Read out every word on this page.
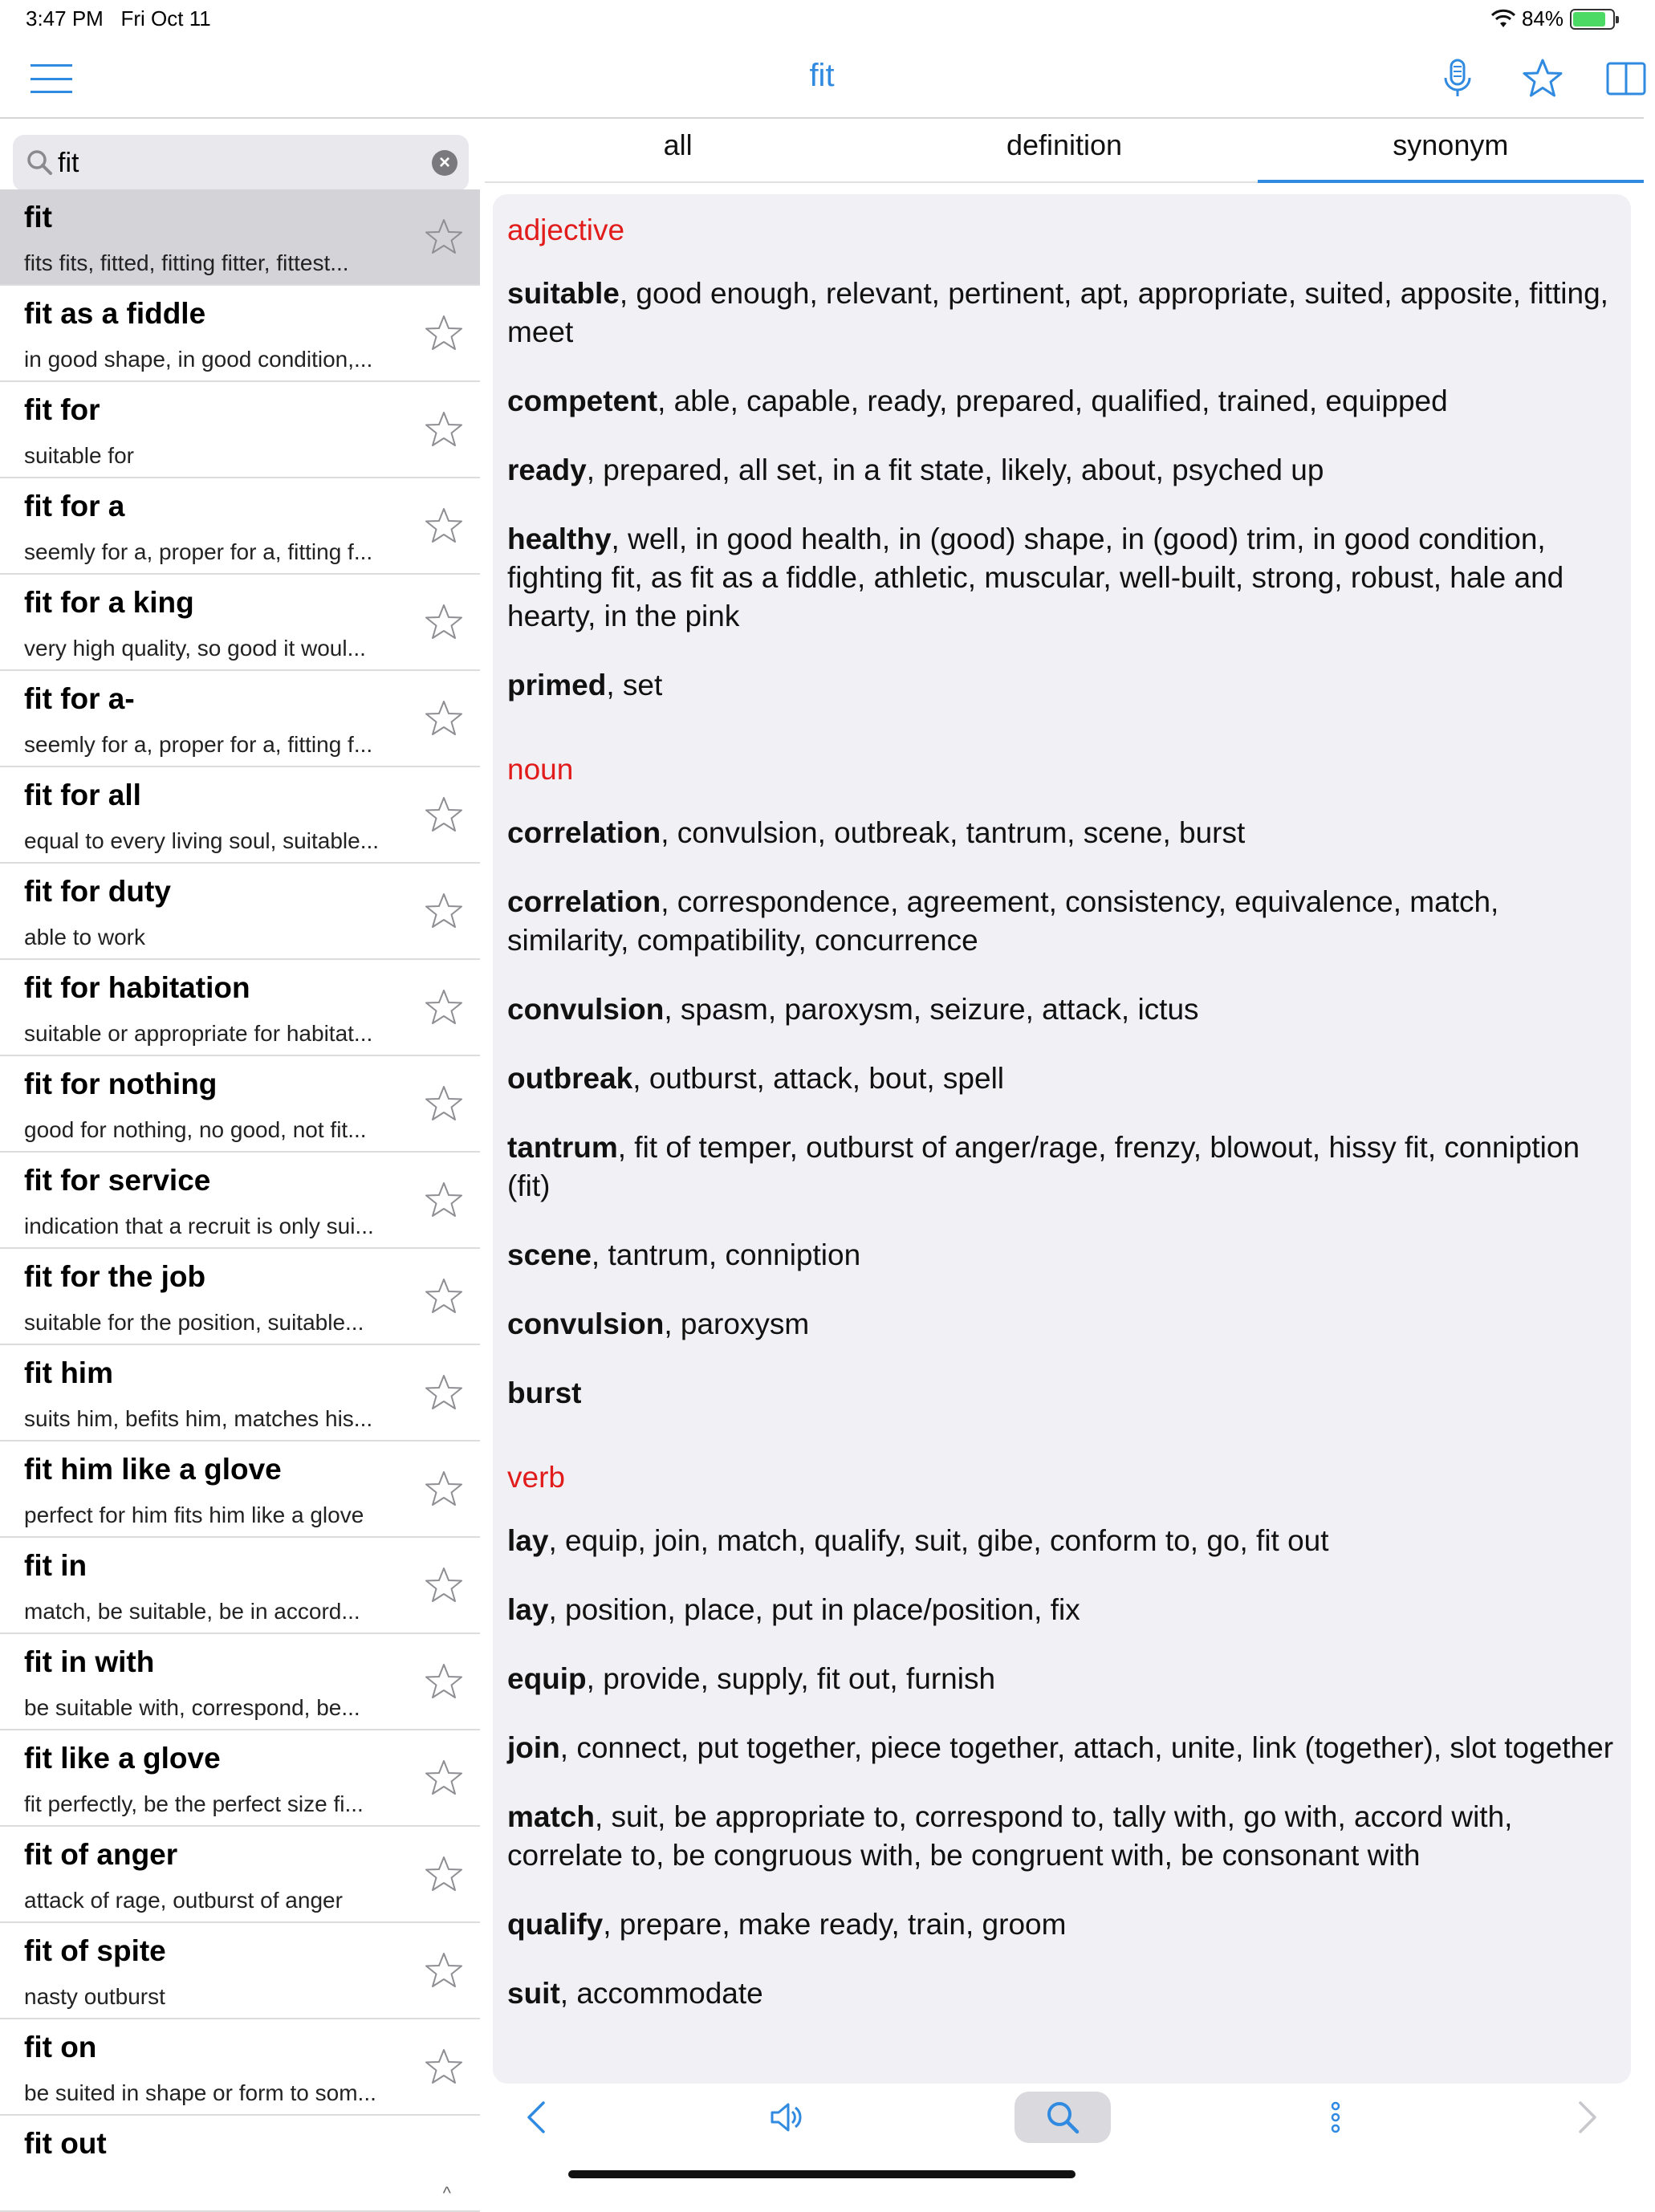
3:47 PM Fri Oct 11	84%
fit
fit
×
fit
fits fits, fitted, fitting fitter, fittest...
fit as a fiddle
in good shape, in good condition,...
fit for
suitable for
fit for a
seemly for a, proper for a, fitting f...
fit for a king
very high quality, so good it woul...
fit for a-
seemly for a, proper for a, fitting f...
fit for all
equal to every living soul, suitable...
fit for duty
able to work
fit for habitation
suitable or appropriate for habitat...
fit for nothing
good for nothing, no good, not fit...
fit for service
indication that a recruit is only sui...
fit for the job
suitable for the position, suitable...
fit him
suits him, befits him, matches his...
fit him like a glove
perfect for him fits him like a glove
fit in
match, be suitable, be in accord...
fit in with
be suitable with, correspond, be...
fit like a glove
fit perfectly, be the perfect size fi...
fit of anger
attack of rage, outburst of anger
fit of spite
nasty outburst
fit on
be suited in shape or form to som...
fit out
^
all	definition	synonym
adjective
suitable, good enough, relevant, pertinent, apt, appropriate, suited, apposite, fitting, meet
competent, able, capable, ready, prepared, qualified, trained, equipped
ready, prepared, all set, in a fit state, likely, about, psyched up
healthy, well, in good health, in (good) shape, in (good) trim, in good condition, fighting fit, as fit as a fiddle, athletic, muscular, well-built, strong, robust, hale and hearty, in the pink
primed, set
noun
correlation, convulsion, outbreak, tantrum, scene, burst
correlation, correspondence, agreement, consistency, equivalence, match, similarity, compatibility, concurrence
convulsion, spasm, paroxysm, seizure, attack, ictus
outbreak, outburst, attack, bout, spell
tantrum, fit of temper, outburst of anger/rage, frenzy, blowout, hissy fit, conniption (fit)
scene, tantrum, conniption
convulsion, paroxysm
burst
verb
lay, equip, join, match, qualify, suit, gibe, conform to, go, fit out
lay, position, place, put in place/position, fix
equip, provide, supply, fit out, furnish
join, connect, put together, piece together, attach, unite, link (together), slot together
match, suit, be appropriate to, correspond to, tally with, go with, accord with, correlate to, be congruous with, be congruent with, be consonant with
qualify, prepare, make ready, train, groom
suit, accommodate
